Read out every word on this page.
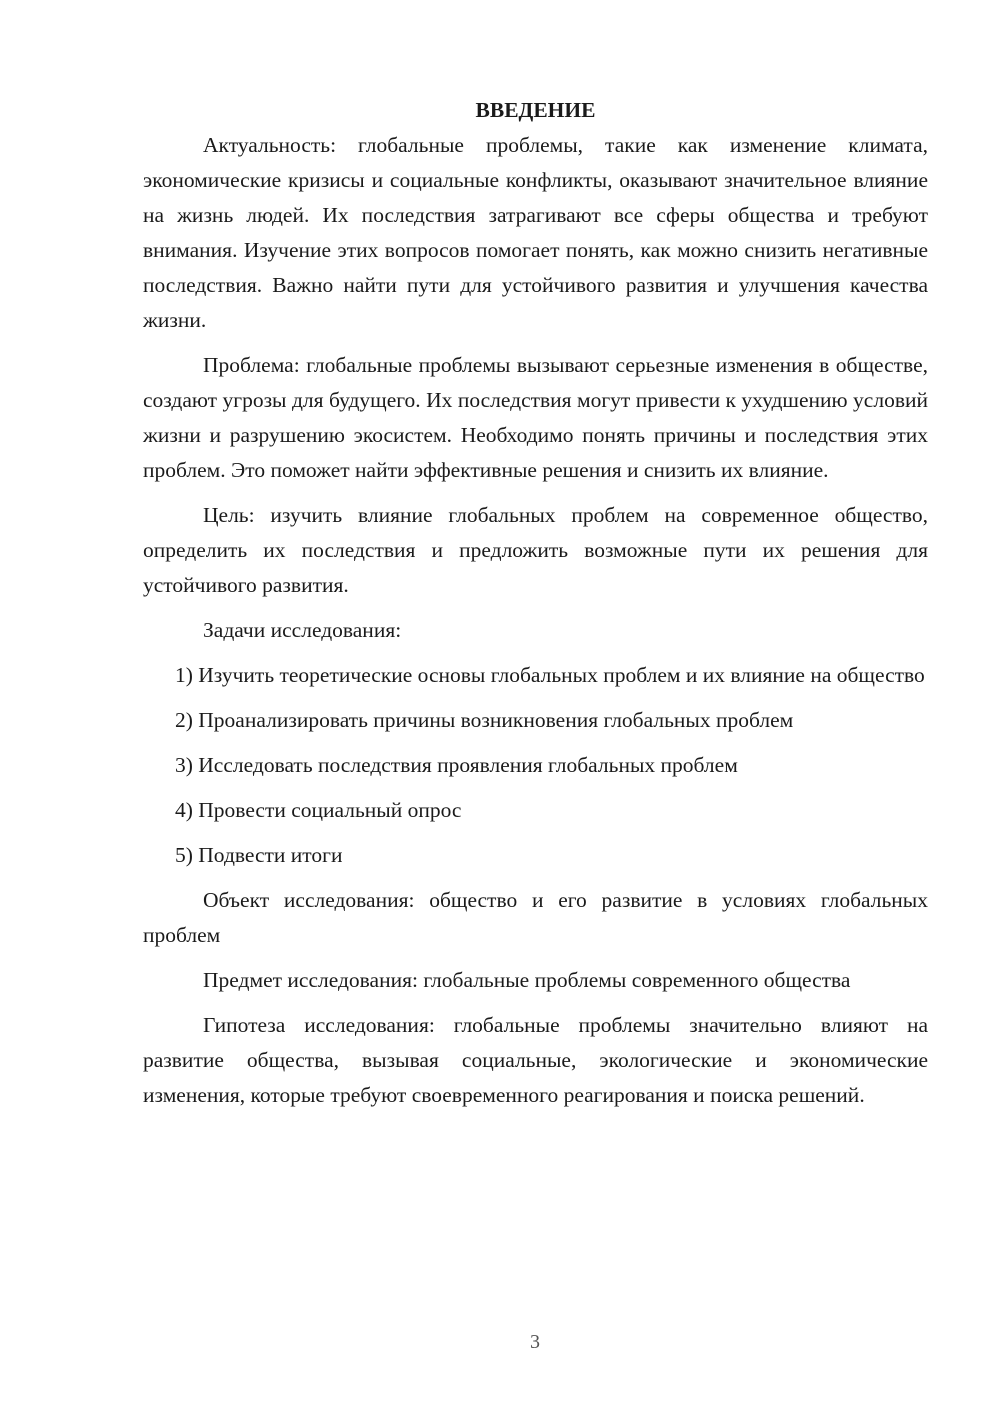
ВВЕДЕНИЕ

Актуальность: глобальные проблемы, такие как изменение климата, экономические кризисы и социальные конфликты, оказывают значительное влияние на жизнь людей. Их последствия затрагивают все сферы общества и требуют внимания. Изучение этих вопросов помогает понять, как можно снизить негативные последствия. Важно найти пути для устойчивого развития и улучшения качества жизни.

Проблема: глобальные проблемы вызывают серьезные изменения в обществе, создают угрозы для будущего. Их последствия могут привести к ухудшению условий жизни и разрушению экосистем. Необходимо понять причины и последствия этих проблем. Это поможет найти эффективные решения и снизить их влияние.

Цель: изучить влияние глобальных проблем на современное общество, определить их последствия и предложить возможные пути их решения для устойчивого развития.

Задачи исследования:

1) Изучить теоретические основы глобальных проблем и их влияние на общество

2) Проанализировать причины возникновения глобальных проблем

3) Исследовать последствия проявления глобальных проблем

4) Провести социальный опрос

5) Подвести итоги

Объект исследования: общество и его развитие в условиях глобальных проблем

Предмет исследования: глобальные проблемы современного общества

Гипотеза исследования: глобальные проблемы значительно влияют на развитие общества, вызывая социальные, экологические и экономические изменения, которые требуют своевременного реагирования и поиска решений.

3
